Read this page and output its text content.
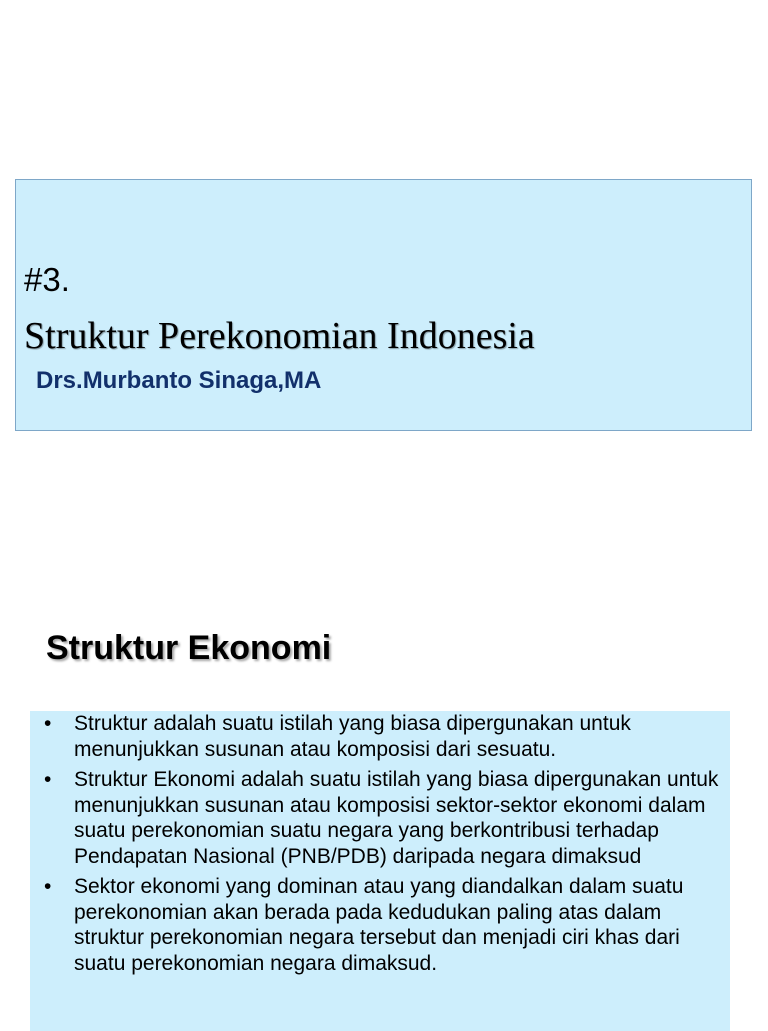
#3.
Struktur Perekonomian Indonesia
Drs.Murbanto Sinaga,MA
Struktur Ekonomi
• Struktur adalah suatu istilah yang biasa dipergunakan untuk menunjukkan susunan atau komposisi dari sesuatu.
• Struktur Ekonomi adalah suatu istilah yang biasa dipergunakan untuk menunjukkan susunan atau komposisi sektor-sektor ekonomi dalam suatu perekonomian suatu negara yang berkontribusi terhadap Pendapatan Nasional (PNB/PDB) daripada negara dimaksud
• Sektor ekonomi yang dominan atau yang diandalkan dalam suatu perekonomian akan berada pada kedudukan paling atas dalam struktur perekonomian negara tersebut dan menjadi ciri khas dari suatu perekonomian negara dimaksud.
